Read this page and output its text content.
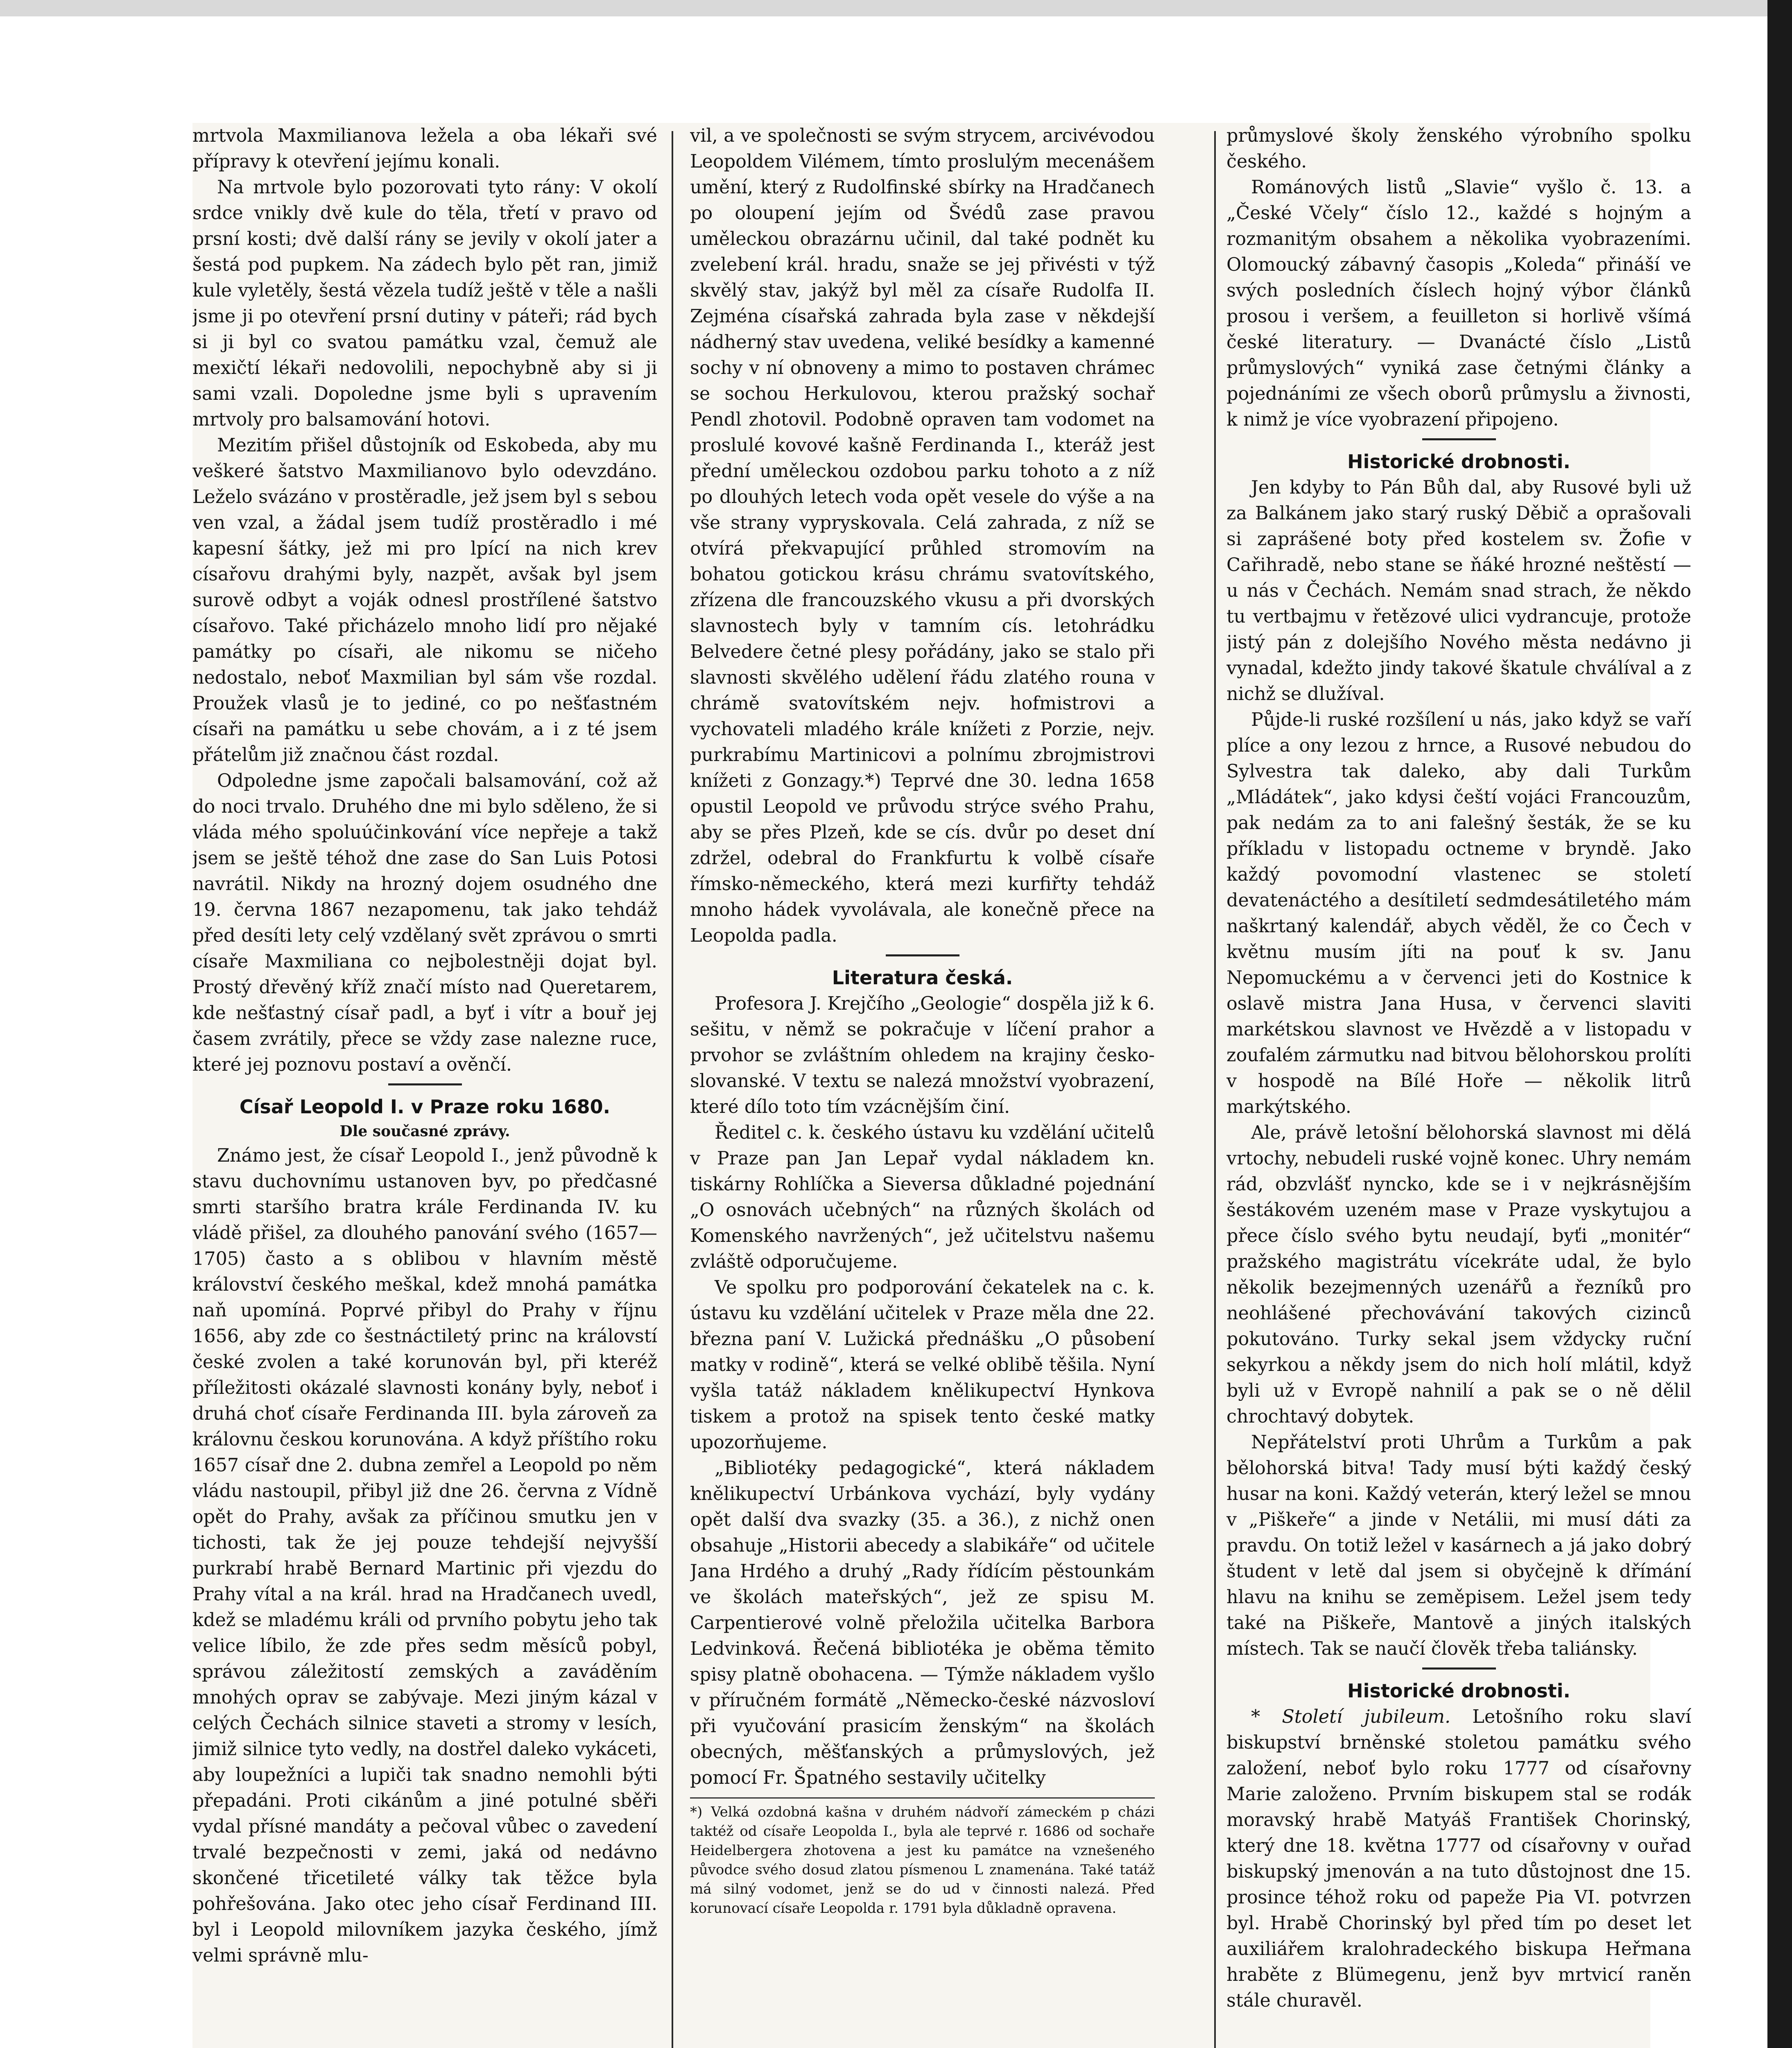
mrtvola Maxmilianova ležela a oba lékaři své přípravy k otevření jejímu konali.

Na mrtvole bylo pozorovati tyto rány: V okolí srdce vnikly dvě kule do těla, třetí v pravo od prsní kosti; dvě další rány se jevily v okolí jater a šestá pod pupkem. Na zádech bylo pět ran, jimiž kule vyletěly, šestá vězela tudíž ještě v těle a našli jsme ji po otevření prsní dutiny v páteři; rád bych si ji byl co svatou památku vzal, čemuž ale mexičtí lékaři nedovolili, nepochybně aby si ji sami vzali. Dopoledne jsme byli s upravením mrtvoly pro balsamování hotovi.

Mezitím přišel důstojník od Eskobeda, aby mu veškeré šatstvo Maxmilianovo bylo odevzdáno. Leželo svázáno v prostěradle, jež jsem byl s sebou ven vzal, a žádal jsem tudíž prostěradlo i mé kapesní šátky, jež mi pro lpící na nich krev císařovu drahými byly, nazpět, avšak byl jsem surově odbyt a voják odnesl prostřílené šatstvo císařovo. Také přicházelo mnoho lidí pro nějaké památky po císaři, ale nikomu se ničeho nedostalo, neboť Maxmilian byl sám vše rozdal. Proužek vlasů je to jediné, co po nešťastném císaři na památku u sebe chovám, a i z té jsem přátelům již značnou část rozdal.

Odpoledne jsme započali balsamování, což až do noci trvalo. Druhého dne mi bylo sděleno, že si vláda mého spoluúčinkování více nepřeje a takž jsem se ještě téhož dne zase do San Luis Potosi navrátil. Nikdy na hrozný dojem osudného dne 19. června 1867 nezapomenu, tak jako tehdáž před desíti lety celý vzdělaný svět zprávou o smrti císaře Maxmiliana co nejbolestněji dojat byl. Prostý dřevěný kříž značí místo nad Queretarem, kde nešťastný císař padl, a byť i vítr a bouř jej časem zvrátily, přece se vždy zase nalezne ruce, které jej poznovu postaví a ověnčí.

Císař Leopold I. v Praze roku 1680.
Dle současné zprávy.

Známo jest, že císař Leopold I., jenž původně k stavu duchovnímu ustanoven byv, po předčasné smrti staršího bratra krále Ferdinanda IV. ku vládě přišel, za dlouhého panování svého (1657—1705) často a s oblibou v hlavním městě království českého meškal, kdež mnohá památka naň upomíná. Poprvé přibyl do Prahy v říjnu 1656, aby zde co šestnáctiletý princ na královstí české zvolen a také korunován byl, při kteréž příležitosti okázalé slavnosti konány byly, neboť i druhá choť císaře Ferdinanda III. byla zároveň za královnu českou korunována. A když příštího roku 1657 císař dne 2. dubna zemřel a Leopold po něm vládu nastoupil, přibyl již dne 26. června z Vídně opět do Prahy, avšak za příčinou smutku jen v tichosti, tak že jej pouze tehdejší nejvyšší purkrabí hrabě Bernard Martinic při vjezdu do Prahy vítal a na král. hrad na Hradčanech uvedl, kdež se mladému králi od prvního pobytu jeho tak velice líbilo, že zde přes sedm měsíců pobyl, správou záležitostí zemských a zaváděním mnohých oprav se zabývaje. Mezi jiným kázal v celých Čechách silnice staveti a stromy v lesích, jimiž silnice tyto vedly, na dostřel daleko vykáceti, aby loupežníci a lupiči tak snadno nemohli býti přepadáni. Proti cikánům a jiné potulné sběři vydal přísné mandáty a pečoval vůbec o zavedení trvalé bezpečnosti v zemi, jaká od nedávno skončené třicetileté války tak těžce byla pohřešována. Jako otec jeho císař Ferdinand III. byl i Leopold milovníkem jazyka českého, jímž velmi správně mlu-

vil, a ve společnosti se svým strycem, arcivévodou Leopoldem Vilémem, tímto proslulým mecenášem umění, který z Rudolfinské sbírky na Hradčanech po oloupení jejím od Švédů zase pravou uměleckou obrazárnu učinil, dal také podnět ku zvelebení král. hradu, snaže se jej přivésti v týž skvělý stav, jakýž byl měl za císaře Rudolfa II. Zejména císařská zahrada byla zase v někdejší nádherný stav uvedena, veliké besídky a kamenné sochy v ní obnoveny a mimo to postaven chrámec se sochou Herkulovou, kterou pražský sochař Pendl zhotovil. Podobně opraven tam vodomet na proslulé kovové kašně Ferdinanda I., kteráž jest přední uměleckou ozdobou parku tohoto a z níž po dlouhých letech voda opět vesele do výše a na vše strany vypryskovala. Celá zahrada, z níž se otvírá překvapující průhled stromovím na bohatou gotickou krásu chrámu svatovítského, zřízena dle francouzského vkusu a při dvorských slavnostech byly v tamním cís. letohrádku Belvedere četné plesy pořádány, jako se stalo při slavnosti skvělého udělení řádu zlatého rouna v chrámě svatovítském nejv. hofmistrovi a vychovateli mladého krále knížeti z Porzie, nejv. purkrabímu Martinicovi a polnímu zbrojmistrovi knížeti z Gonzagy.*) Teprvé dne 30. ledna 1658 opustil Leopold ve průvodu strýce svého Prahu, aby se přes Plzeň, kde se cís. dvůr po deset dní zdržel, odebral do Frankfurtu k volbě císaře římsko-německého, která mezi kurfiřty tehdáž mnoho hádek vyvolávala, ale konečně přece na Leopolda padla.

Literatura česká.

Profesora J. Krejčího „Geologie“ dospěla již k 6. sešitu, v němž se pokračuje v líčení prahor a prvohor se zvláštním ohledem na krajiny česko-slovanské. V textu se nalezá množství vyobrazení, které dílo toto tím vzácnějším činí.

Ředitel c. k. českého ústavu ku vzdělání učitelů v Praze pan Jan Lepař vydal nákladem kn. tiskárny Rohlíčka a Sieversa důkladné pojednání „O osnovách učebných“ na různých školách od Komenského navržených“, jež učitelstvu našemu zvláště odporučujeme.

Ve spolku pro podporování čekatelek na c. k. ústavu ku vzdělání učitelek v Praze měla dne 22. března paní V. Lužická přednášku „O působení matky v rodině“, která se velké oblibě těšila. Nyní vyšla tatáž nákladem knělikupectví Hynkova tiskem a protož na spisek tento české matky upozorňujeme.

„Bibliotéky pedagogické“, která nákladem knělikupectví Urbánkova vychází, byly vydány opět další dva svazky (35. a 36.), z nichž onen obsahuje „Historii abecedy a slabikáře“ od učitele Jana Hrdého a druhý „Rady řídícím pěstounkám ve školách mateřských“, jež ze spisu M. Carpentierové volně přeložila učitelka Barbora Ledvinková. Řečená bibliotéka je oběma těmito spisy platně obohacena. — Týmže nákladem vyšlo v příručném formátě „Německo-české názvosloví při vyučování prasicím ženským“ na školách obecných, měšťanských a průmyslových, jež pomocí Fr. Špatného sestavily učitelky

*) Velká ozdobná kašna v druhém nádvoří zámeckém p cházi taktéž od císaře Leopolda I., byla ale teprvé r. 1686 od sochaře Heidelbergera zhotovena a jest ku památce na vznešeného původce svého dosud zlatou písmenou L znamenána. Také tatáž má silný vodomet, jenž se do ud v činnosti nalezá. Před korunovací císaře Leopolda r. 1791 byla důkladně opravena.

průmyslové školy ženského výrobního spolku českého.

Románových listů „Slavie“ vyšlo č. 13. a „České Včely“ číslo 12., každé s hojným a rozmanitým obsahem a několika vyobrazeními. Olomoucký zábavný časopis „Koleda“ přináší ve svých posledních číslech hojný výbor článků prosou i veršem, a feuilleton si horlivě všímá české literatury. — Dvanácté číslo „Listů průmyslových“ vyniká zase četnými články a pojednáními ze všech oborů průmyslu a živnosti, k nimž je více vyobrazení připojeno.

Historické drobnosti.

Jen kdyby to Pán Bůh dal, aby Rusové byli už za Balkánem jako starý ruský Děbič a oprašovali si zaprášené boty před kostelem sv. Žofie v Cařihradě, nebo stane se ňáké hrozné neštěstí — u nás v Čechách. Nemám snad strach, že někdo tu vertbajmu v řetězové ulici vydrancuje, protože jistý pán z dolejšího Nového města nedávno ji vynadal, kdežto jindy takové škatule chválíval a z nichž se dlužíval.

Půjde-li ruské rozšílení u nás, jako když se vaří plíce a ony lezou z hrnce, a Rusové nebudou do Sylvestra tak daleko, aby dali Turkům „Mládátek“, jako kdysi čeští vojáci Francouzům, pak nedám za to ani falešný šesták, že se ku příkladu v listopadu octneme v bryndě. Jako každý povomodní vlastenec se století devatenáctého a desítiletí sedmdesátiletého mám naškrtaný kalendář, abych věděl, že co Čech v květnu musím jíti na pouť k sv. Janu Nepomuckému a v červenci jeti do Kostnice k oslavě mistra Jana Husa, v červenci slaviti markétskou slavnost ve Hvězdě a v listopadu v zoufalém zármutku nad bitvou bělohorskou prolíti v hospodě na Bílé Hoře — několik litrů markýtského.

Ale, právě letošní bělohorská slavnost mi dělá vrtochy, nebudeli ruské vojně konec. Uhry nemám rád, obzvlášť nyncko, kde se i v nejkrásnějším šestákovém uzeném mase v Praze vyskytujou a přece číslo svého bytu neudají, byťi „monitér“ pražského magistrátu vícekráte udal, že bylo několik bezejmenných uzenářů a řezníků pro neohlášené přechovávání takových cizinců pokutováno. Turky sekal jsem vždycky ruční sekyrkou a někdy jsem do nich holí mlátil, když byli už v Evropě nahnilí a pak se o ně dělil chrochtavý dobytek.

Nepřátelství proti Uhrům a Turkům a pak bělohorská bitva! Tady musí býti každý český husar na koni. Každý veterán, který ležel se mnou v „Piškeře“ a jinde v Netálii, mi musí dáti za pravdu. On totiž ležel v kasárnech a já jako dobrý študent v letě dal jsem si obyčejně k dřímání hlavu na knihu se zeměpisem. Ležel jsem tedy také na Piškeře, Mantově a jiných italských místech. Tak se naučí člověk třeba taliánsky.

Historické drobnosti.

* Století jubileum. Letošního roku slaví biskupství brněnské stoletou památku svého založení, neboť bylo roku 1777 od císařovny Marie založeno. Prvním biskupem stal se rodák moravský hrabě Matyáš František Chorinský, který dne 18. května 1777 od císařovny v ouřad biskupský jmenován a na tuto důstojnost dne 15. prosince téhož roku od papeže Pia VI. potvrzen byl. Hrabě Chorinský byl před tím po deset let auxiliářem kralohradeckého biskupa Heřmana hraběte z Blümegenu, jenž byv mrtvicí raněn stále churavěl.
